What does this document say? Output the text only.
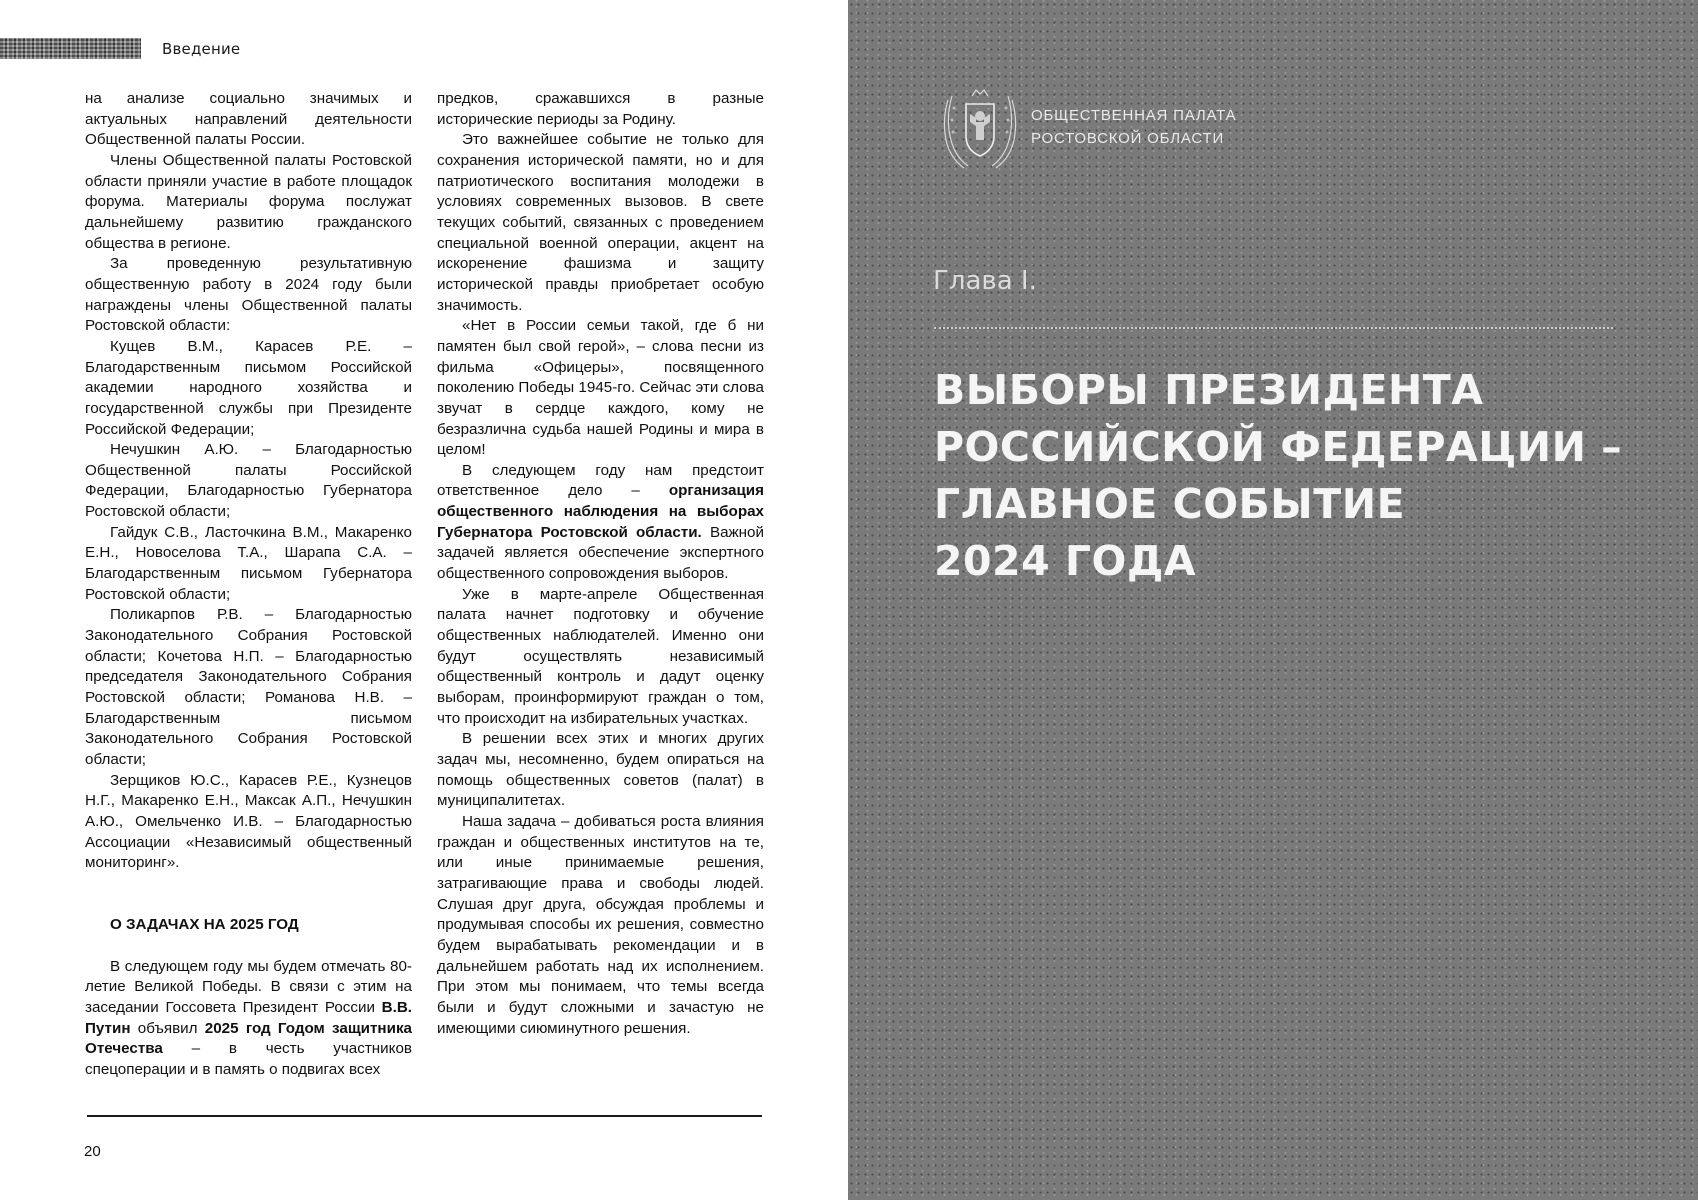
Введение

на анализе социально значимых и актуальных направлений деятельности Общественной палаты России.

Члены Общественной палаты Ростовской области приняли участие в работе площадок форума. Материалы форума послужат дальнейшему развитию гражданского общества в регионе.

За проведенную результативную общественную работу в 2024 году были награждены члены Общественной палаты Ростовской области:

Кущев В.М., Карасев Р.Е. – Благодарственным письмом Российской академии народного хозяйства и государственной службы при Президенте Российской Федерации;

Нечушкин А.Ю. – Благодарностью Общественной палаты Российской Федерации, Благодарностью Губернатора Ростовской области;

Гайдук С.В., Ласточкина В.М., Макаренко Е.Н., Новоселова Т.А., Шарапа С.А. – Благодарственным письмом Губернатора Ростовской области;

Поликарпов Р.В. – Благодарностью Законодательного Собрания Ростовской области; Кочетова Н.П. – Благодарностью председателя Законодательного Собрания Ростовской области; Романова Н.В. – Благодарственным письмом Законодательного Собрания Ростовской области;

Зерщиков Ю.С., Карасев Р.Е., Кузнецов Н.Г., Макаренко Е.Н., Максак А.П., Нечушкин А.Ю., Омельченко И.В. – Благодарностью Ассоциации «Независимый общественный мониторинг».

О ЗАДАЧАХ НА 2025 ГОД

В следующем году мы будем отмечать 80-летие Великой Победы. В связи с этим на заседании Госсовета Президент России В.В. Путин объявил 2025 год Годом защитника Отечества – в честь участников спецоперации и в память о подвигах всех

предков, сражавшихся в разные исторические периоды за Родину.

Это важнейшее событие не только для сохранения исторической памяти, но и для патриотического воспитания молодежи в условиях современных вызовов. В свете текущих событий, связанных с проведением специальной военной операции, акцент на искоренение фашизма и защиту исторической правды приобретает особую значимость.

«Нет в России семьи такой, где б ни памятен был свой герой», – слова песни из фильма «Офицеры», посвященного поколению Победы 1945-го. Сейчас эти слова звучат в сердце каждого, кому не безразлична судьба нашей Родины и мира в целом!

В следующем году нам предстоит ответственное дело – организация общественного наблюдения на выборах Губернатора Ростовской области. Важной задачей является обеспечение экспертного общественного сопровождения выборов.

Уже в марте-апреле Общественная палата начнет подготовку и обучение общественных наблюдателей. Именно они будут осуществлять независимый общественный контроль и дадут оценку выборам, проинформируют граждан о том, что происходит на избирательных участках.

В решении всех этих и многих других задач мы, несомненно, будем опираться на помощь общественных советов (палат) в муниципалитетах.

Наша задача – добиваться роста влияния граждан и общественных институтов на те, или иные принимаемые решения, затрагивающие права и свободы людей. Слушая друг друга, обсуждая проблемы и продумывая способы их решения, совместно будем вырабатывать рекомендации и в дальнейшем работать над их исполнением. При этом мы понимаем, что темы всегда были и будут сложными и зачастую не имеющими сиюминутного решения.

20
ОБЩЕСТВЕННАЯ ПАЛАТА
РОСТОВСКОЙ ОБЛАСТИ
Глава I.
ВЫБОРЫ ПРЕЗИДЕНТА
РОССИЙСКОЙ ФЕДЕРАЦИИ –
ГЛАВНОЕ СОБЫТИЕ
2024 ГОДА
